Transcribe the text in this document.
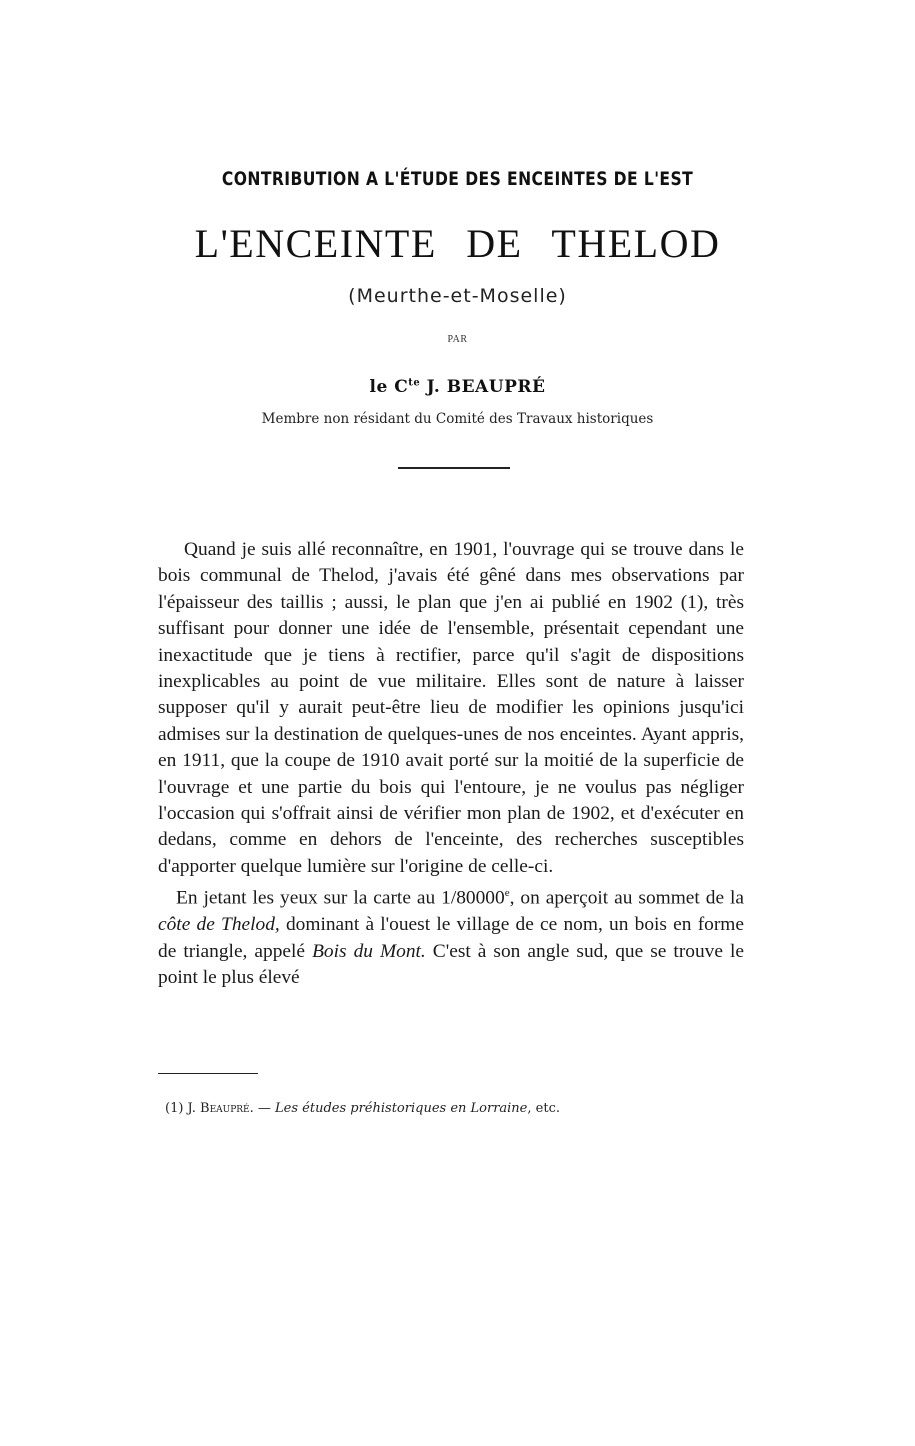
CONTRIBUTION A L'ÉTUDE DES ENCEINTES DE L'EST
L'ENCEINTE DE THELOD
(Meurthe-et-Moselle)
PAR
le $C^{te}$ J. BEAUPRÉ
Membre non résidant du Comité des Travaux historiques

Quand je suis allé reconnaître, en 1901, l'ouvrage qui se trouve dans le bois communal de Thelod, j'avais été gêné dans mes observations par l'épaisseur des taillis ; aussi, le plan que j'en ai publié en 1902 (1), très suffisant pour donner une idée de l'ensemble, présentait cependant une inexactitude que je tiens à rectifier, parce qu'il s'agit de dispositions inexplicables au point de vue militaire. Elles sont de nature à laisser supposer qu'il y aurait peut-être lieu de modifier les opinions jusqu'ici admises sur la destination de quelques-unes de nos enceintes. Ayant appris, en 1911, que la coupe de 1910 avait porté sur la moitié de la superficie de l'ouvrage et une partie du bois qui l'entoure, je ne voulus pas négliger l'occasion qui s'offrait ainsi de vérifier mon plan de 1902, et d'exécuter en dedans, comme en dehors de l'enceinte, des recherches susceptibles d'apporter quelque lumière sur l'origine de celle-ci.

En jetant les yeux sur la carte au 1/80000e, on aperçoit au sommet de la côte de Thelod, dominant à l'ouest le village de ce nom, un bois en forme de triangle, appelé Bois du Mont. C'est à son angle sud, que se trouve le point le plus élevé

(1) J. Beaupré. — Les études préhistoriques en Lorraine, etc.
